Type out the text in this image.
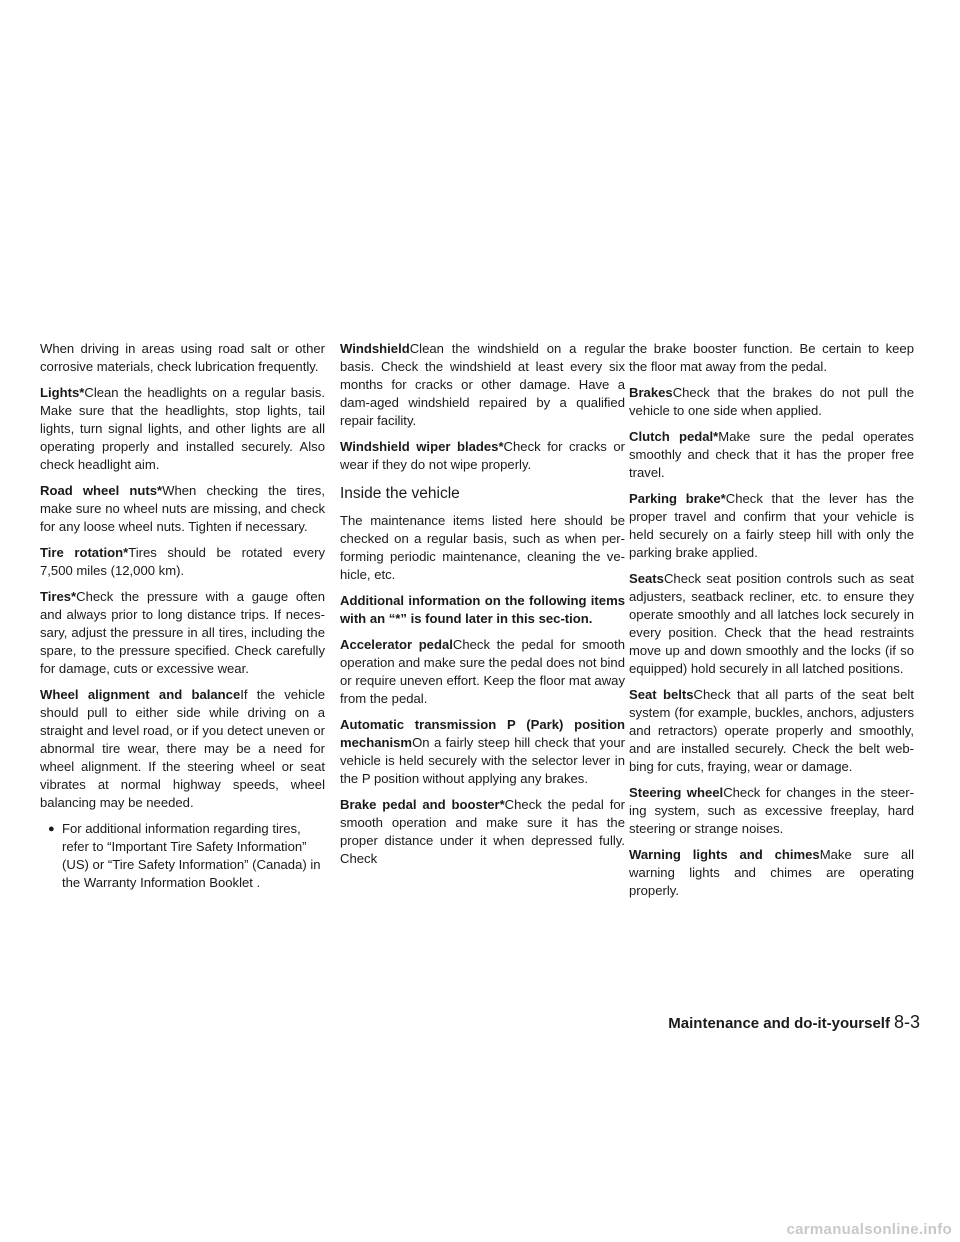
When driving in areas using road salt or other corrosive materials, check lubrication frequently.

Lights*Clean the headlights on a regular basis. Make sure that the headlights, stop lights, tail lights, turn signal lights, and other lights are all operating properly and installed securely. Also check headlight aim.

Road wheel nuts*When checking the tires, make sure no wheel nuts are missing, and check for any loose wheel nuts. Tighten if necessary.

Tire rotation*Tires should be rotated every 7,500 miles (12,000 km).

Tires*Check the pressure with a gauge often and always prior to long distance trips. If neces-sary, adjust the pressure in all tires, including the spare, to the pressure specified. Check carefully for damage, cuts or excessive wear.

Wheel alignment and balanceIf the vehicle should pull to either side while driving on a straight and level road, or if you detect uneven or abnormal tire wear, there may be a need for wheel alignment. If the steering wheel or seat vibrates at normal highway speeds, wheel balancing may be needed.

● For additional information regarding tires, refer to “Important Tire Safety Information” (US) or “Tire Safety Information” (Canada) in the Warranty Information Booklet .

WindshieldClean the windshield on a regular basis. Check the windshield at least every six months for cracks or other damage. Have a dam-aged windshield repaired by a qualified repair facility.

Windshield wiper blades*Check for cracks or wear if they do not wipe properly.

Inside the vehicle

The maintenance items listed here should be checked on a regular basis, such as when per-forming periodic maintenance, cleaning the ve-hicle, etc.

Additional information on the following items with an “*” is found later in this sec-tion.

Accelerator pedalCheck the pedal for smooth operation and make sure the pedal does not bind or require uneven effort. Keep the floor mat away from the pedal.

Automatic transmission P (Park) position mechanismOn a fairly steep hill check that your vehicle is held securely with the selector lever in the P position without applying any brakes.

Brake pedal and booster*Check the pedal for smooth operation and make sure it has the proper distance under it when depressed fully. Check

the brake booster function. Be certain to keep the floor mat away from the pedal.

BrakesCheck that the brakes do not pull the vehicle to one side when applied.

Clutch pedal*Make sure the pedal operates smoothly and check that it has the proper free travel.

Parking brake*Check that the lever has the proper travel and confirm that your vehicle is held securely on a fairly steep hill with only the parking brake applied.

SeatsCheck seat position controls such as seat adjusters, seatback recliner, etc. to ensure they operate smoothly and all latches lock securely in every position. Check that the head restraints move up and down smoothly and the locks (if so equipped) hold securely in all latched positions.

Seat beltsCheck that all parts of the seat belt system (for example, buckles, anchors, adjusters and retractors) operate properly and smoothly, and are installed securely. Check the belt web-bing for cuts, fraying, wear or damage.

Steering wheelCheck for changes in the steer-ing system, such as excessive freeplay, hard steering or strange noises.

Warning lights and chimesMake sure all warning lights and chimes are operating properly.

Maintenance and do-it-yourself 8-3
carmanualsonline.info
